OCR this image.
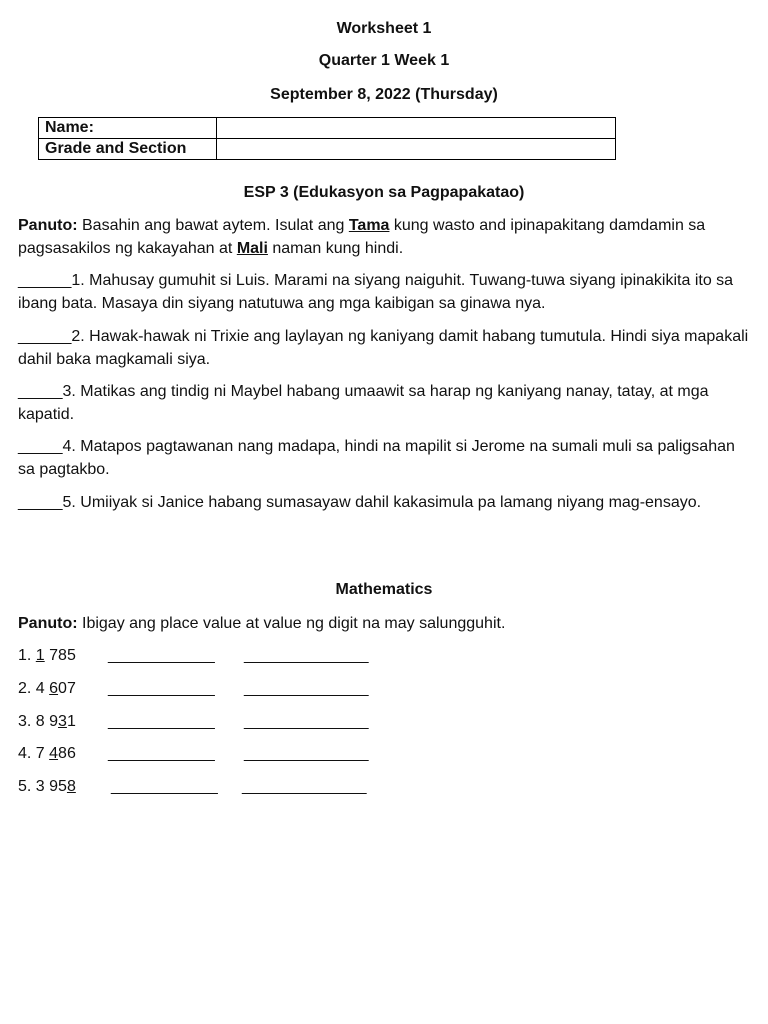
Worksheet 1
Quarter 1 Week 1
September 8, 2022 (Thursday)
Name:	
Grade and Section	
ESP 3 (Edukasyon sa Pagpapakatao)
Panuto: Basahin ang bawat aytem. Isulat ang Tama kung wasto and ipinapakitang damdamin sa pagsasakilos ng kakayahan at Mali naman kung hindi.
______1. Mahusay gumuhit si Luis. Marami na siyang naiguhit. Tuwang-tuwa siyang ipinakikita ito sa ibang bata. Masaya din siyang natutuwa ang mga kaibigan sa ginawa nya.
______2. Hawak-hawak ni Trixie ang laylayan ng kaniyang damit habang tumutula. Hindi siya mapakali dahil baka magkamali siya.
_____3. Matikas ang tindig ni Maybel habang umaawit sa harap ng kaniyang nanay, tatay, at mga kapatid.
_____4. Matapos pagtawanan nang madapa, hindi na mapilit si Jerome na sumali muli sa paligsahan sa pagtakbo.
_____5. Umiiyak si Janice habang sumasayaw dahil kakasimula pa lamang niyang mag-ensayo.
Mathematics
Panuto: Ibigay ang place value at value ng digit na may salungguhit.
1. 1 785 ____________ ______________
2. 4 607 ____________ ______________
3. 8 931 ____________ ______________
4. 7 486 ____________ ______________
5. 3 958 ____________ ______________
